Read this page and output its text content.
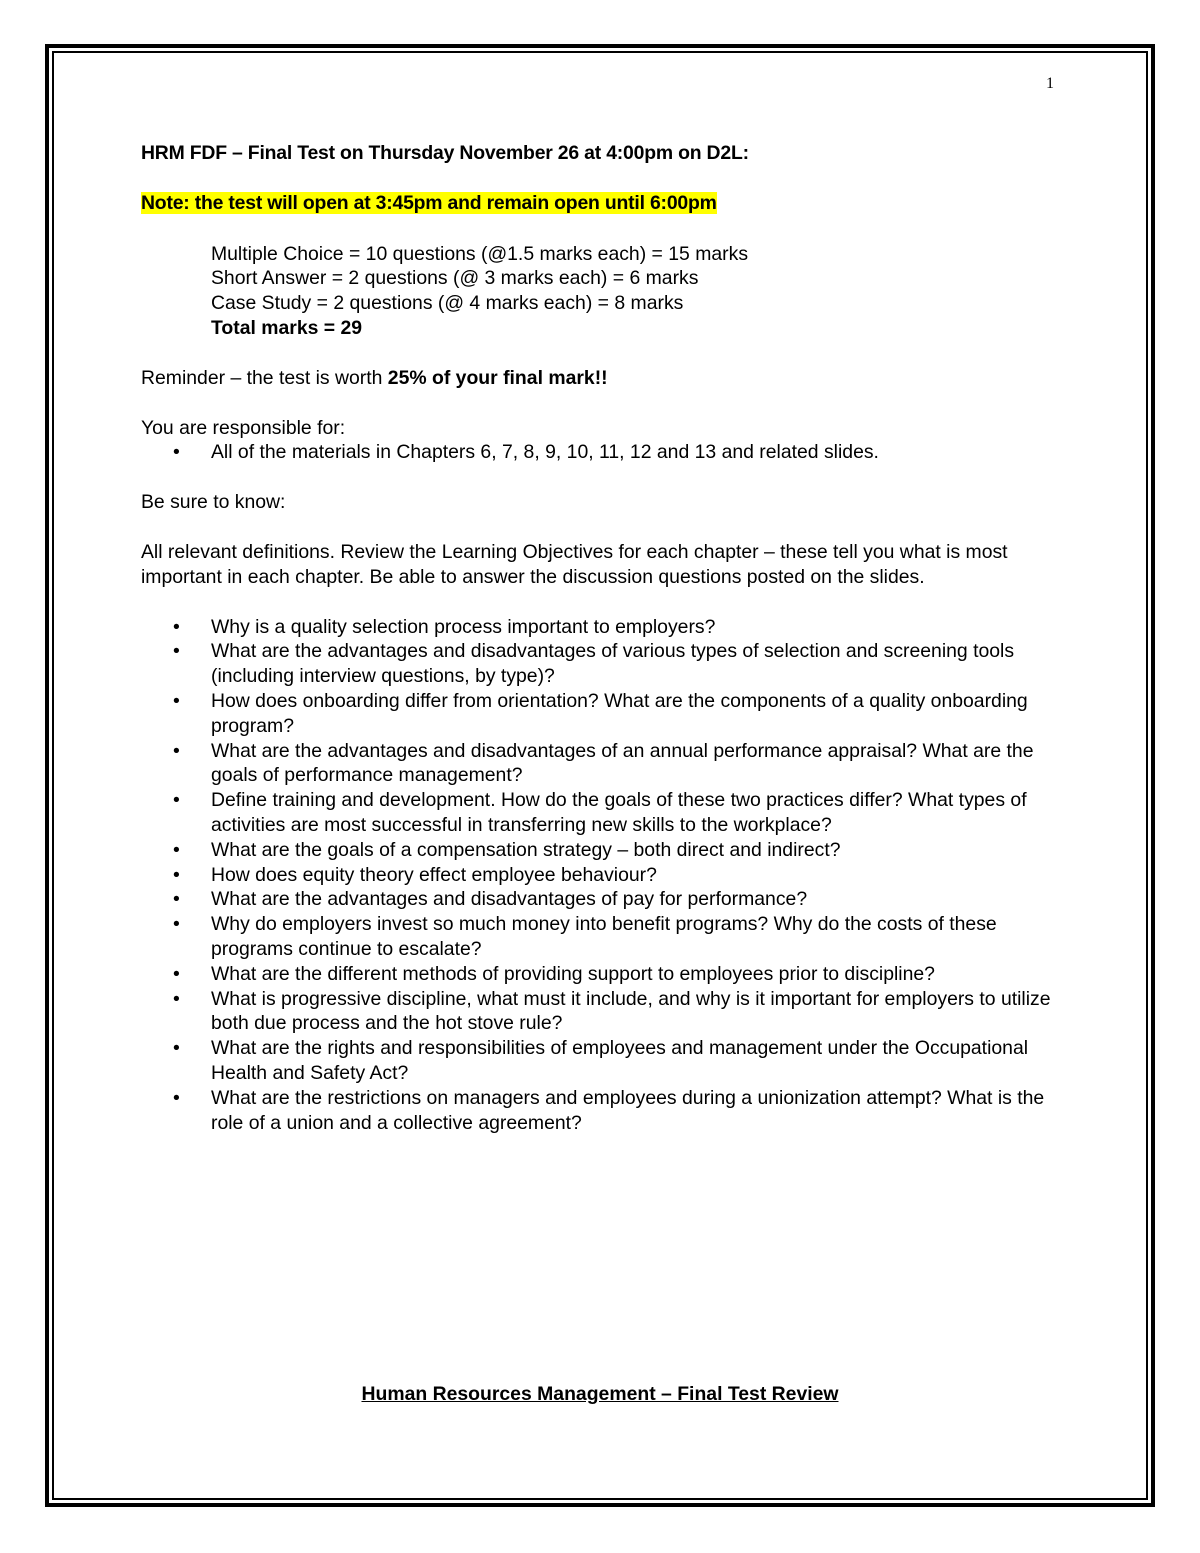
1

HRM FDF – Final Test on Thursday November 26 at 4:00pm on D2L:

Note: the test will open at 3:45pm and remain open until 6:00pm

Multiple Choice = 10 questions (@1.5 marks each) = 15 marks

Short Answer = 2 questions (@ 3 marks each) = 6 marks

Case Study = 2 questions (@ 4 marks each) = 8 marks

Total marks = 29

Reminder – the test is worth 25% of your final mark!!

You are responsible for:

• All of the materials in Chapters 6, 7, 8, 9, 10, 11, 12 and 13 and related slides.

Be sure to know:

All relevant definitions. Review the Learning Objectives for each chapter – these tell you what is most important in each chapter. Be able to answer the discussion questions posted on the slides.

• Why is a quality selection process important to employers?
• What are the advantages and disadvantages of various types of selection and screening tools (including interview questions, by type)?
• How does onboarding differ from orientation? What are the components of a quality onboarding program?
• What are the advantages and disadvantages of an annual performance appraisal? What are the goals of performance management?
• Define training and development. How do the goals of these two practices differ? What types of activities are most successful in transferring new skills to the workplace?
• What are the goals of a compensation strategy – both direct and indirect?
• How does equity theory effect employee behaviour?
• What are the advantages and disadvantages of pay for performance?
• Why do employers invest so much money into benefit programs? Why do the costs of these programs continue to escalate?
• What are the different methods of providing support to employees prior to discipline?
• What is progressive discipline, what must it include, and why is it important for employers to utilize both due process and the hot stove rule?
• What are the rights and responsibilities of employees and management under the Occupational Health and Safety Act?
• What are the restrictions on managers and employees during a unionization attempt? What is the role of a union and a collective agreement?
Human Resources Management – Final Test Review
